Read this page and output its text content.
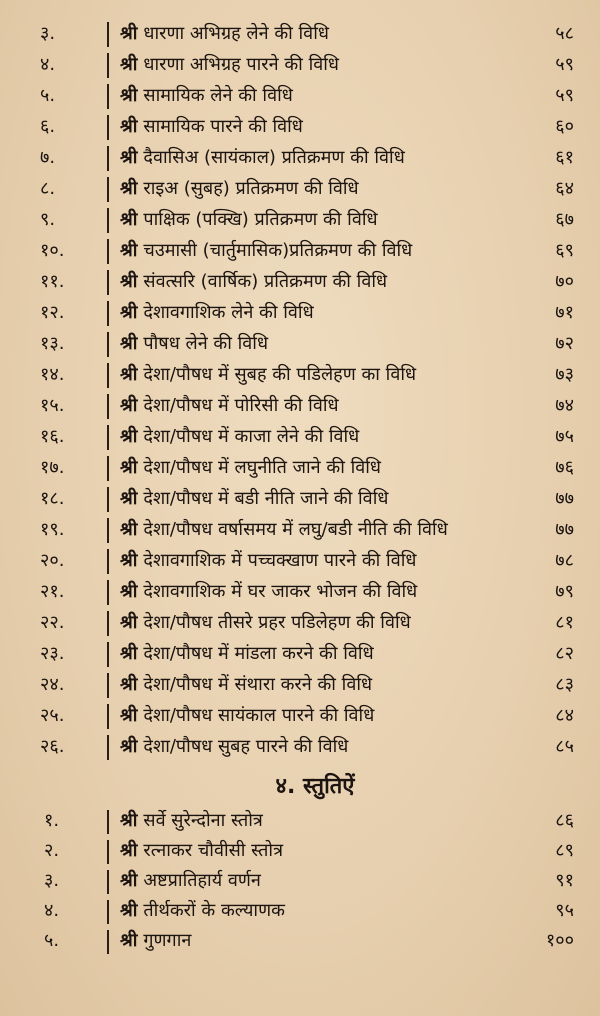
३.	श्री धारणा अभिग्रह लेने की विधि	५८
४.	श्री धारणा अभिग्रह पारने की विधि	५९
५.	श्री सामायिक लेने की विधि	५९
६.	श्री सामायिक पारने की विधि	६०
७.	श्री दैवासिअ (सायंकाल) प्रतिक्रमण की विधि	६१
८.	श्री राइअ (सुबह) प्रतिक्रमण की विधि	६४
९.	श्री पाक्षिक (पक्खि) प्रतिक्रमण की विधि	६७
१०.	श्री चउमासी (चार्तुमासिक)प्रतिक्रमण की विधि	६९
११.	श्री संवत्सरि (वार्षिक) प्रतिक्रमण की विधि	७०
१२.	श्री देशावगाशिक लेने की विधि	७१
१३.	श्री पौषध लेने की विधि	७२
१४.	श्री देशा/पौषध में सुबह की पडिलेहण का विधि	७३
१५.	श्री देशा/पौषध में पोरिसी की विधि	७४
१६.	श्री देशा/पौषध में काजा लेने की विधि	७५
१७.	श्री देशा/पौषध में लघुनीति जाने की विधि	७६
१८.	श्री देशा/पौषध में बडी नीति जाने की विधि	७७
१९.	श्री देशा/पौषध वर्षासमय में लघु/बडी नीति की विधि	७७
२०.	श्री देशावगाशिक में पच्चक्खाण पारने की विधि	७८
२१.	श्री देशावगाशिक में घर जाकर भोजन की विधि	७९
२२.	श्री देशा/पौषध तीसरे प्रहर पडिलेहण की विधि	८१
२३.	श्री देशा/पौषध में मांडला करने की विधि	८२
२४.	श्री देशा/पौषध में संथारा करने की विधि	८३
२५.	श्री देशा/पौषध सायंकाल पारने की विधि	८४
२६.	श्री देशा/पौषध सुबह पारने की विधि	८५
४. स्तुतिऐं
१.	श्री सर्वे सुरेन्दोना स्तोत्र	८६
२.	श्री रत्नाकर चौवीसी स्तोत्र	८९
३.	श्री अष्टप्रातिहार्य वर्णन	९१
४.	श्री तीर्थकरों के कल्याणक	९५
५.	श्री गुणगान	१००
